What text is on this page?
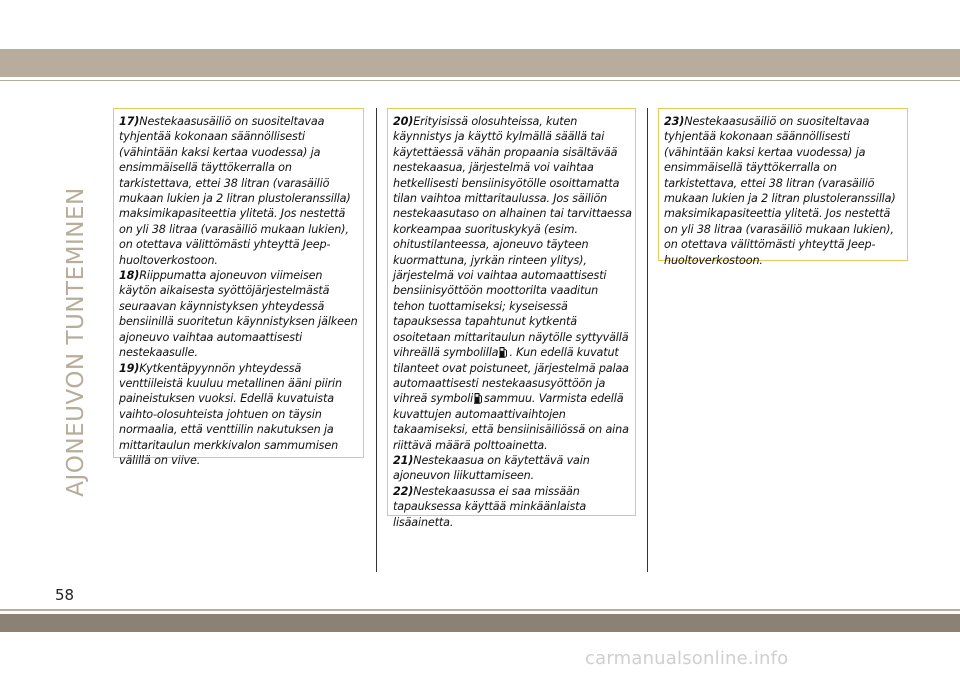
AJONEUVON TUNTEMINEN

17)Nestekaasusäiliö on suositeltavaa tyhjentää kokonaan säännöllisesti (vähintään kaksi kertaa vuodessa) ja ensimmäisellä täyttökerralla on tarkistettava, ettei 38 litran (varasäiliö mukaan lukien ja 2 litran plustoleranssilla) maksimikapasiteettia ylitetä. Jos nestettä on yli 38 litraa (varasäiliö mukaan lukien), on otettava välittömästi yhteyttä Jeep-huoltoverkostoon.

18)Riippumatta ajoneuvon viimeisen käytön aikaisesta syöttöjärjestelmästä seuraavan käynnistyksen yhteydessä bensiinillä suoritetun käynnistyksen jälkeen ajoneuvo vaihtaa automaattisesti nestekaasulle.

19)Kytkentäpyynnön yhteydessä venttiileistä kuuluu metallinen ääni piirin paineistuksen vuoksi. Edellä kuvatuista vaihto-olosuhteista johtuen on täysin normaalia, että venttiilin nakutuksen ja mittaritaulun merkkivalon sammumisen välillä on viive.

20)Erityisissä olosuhteissa, kuten käynnistys ja käyttö kylmällä säällä tai käytettäessä vähän propaania sisältävää nestekaasua, järjestelmä voi vaihtaa hetkellisesti bensiinisyötölle osoittamatta tilan vaihtoa mittaritaulussa. Jos säiliön nestekaasutaso on alhainen tai tarvittaessa korkeampaa suorituskykyä (esim. ohitustilanteessa, ajoneuvo täyteen kuormattuna, jyrkän rinteen ylitys), järjestelmä voi vaihtaa automaattisesti bensiinisyöttöön moottorilta vaaditun tehon tuottamiseksi; kyseisessä tapauksessa tapahtunut kytkentä osoitetaan mittaritaulun näytölle syttyvällä vihreällä symbolilla . Kun edellä kuvatut tilanteet ovat poistuneet, järjestelmä palaa automaattisesti nestekaasusyöttöön ja vihreä symboli sammuu. Varmista edellä kuvattujen automaattivaihtojen takaamiseksi, että bensiinisäiliössä on aina riittävä määrä polttoainetta.

21)Nestekaasua on käytettävä vain ajoneuvon liikuttamiseen.

22)Nestekaasussa ei saa missään tapauksessa käyttää minkäänlaista lisäainetta.

23)Nestekaasusäiliö on suositeltavaa tyhjentää kokonaan säännöllisesti (vähintään kaksi kertaa vuodessa) ja ensimmäisellä täyttökerralla on tarkistettava, ettei 38 litran (varasäiliö mukaan lukien ja 2 litran plustoleranssilla) maksimikapasiteettia ylitetä. Jos nestettä on yli 38 litraa (varasäiliö mukaan lukien), on otettava välittömästi yhteyttä Jeep-huoltoverkostoon.

58
carmanualsonline.info
